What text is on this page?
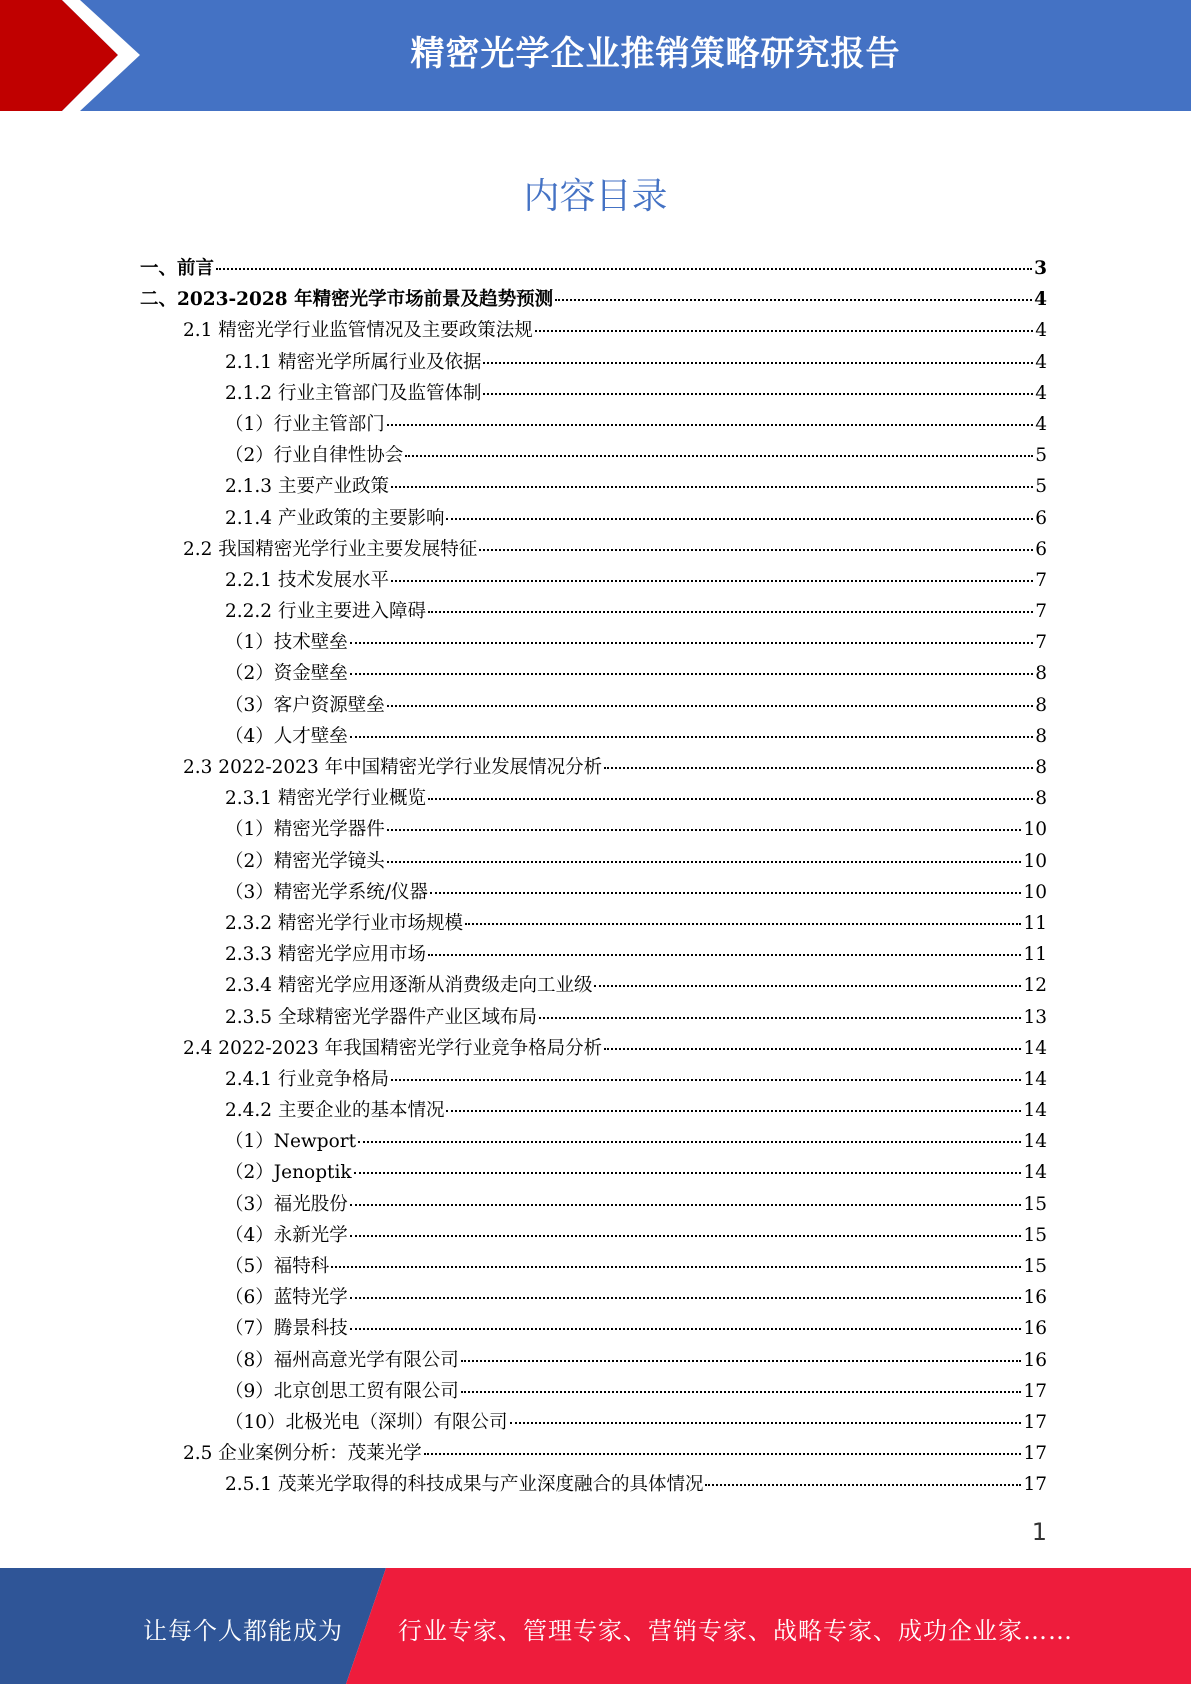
精密光学企业推销策略研究报告
内容目录
一、前言	3
二、2023-2028 年精密光学市场前景及趋势预测	4
2.1 精密光学行业监管情况及主要政策法规	4
2.1.1 精密光学所属行业及依据	4
2.1.2 行业主管部门及监管体制	4
（1）行业主管部门	4
（2）行业自律性协会	5
2.1.3 主要产业政策	5
2.1.4 产业政策的主要影响	6
2.2 我国精密光学行业主要发展特征	6
2.2.1 技术发展水平	7
2.2.2 行业主要进入障碍	7
（1）技术壁垒	7
（2）资金壁垒	8
（3）客户资源壁垒	8
（4）人才壁垒	8
2.3 2022-2023 年中国精密光学行业发展情况分析	8
2.3.1 精密光学行业概览	8
（1）精密光学器件	10
（2）精密光学镜头	10
（3）精密光学系统/仪器	10
2.3.2 精密光学行业市场规模	11
2.3.3 精密光学应用市场	11
2.3.4 精密光学应用逐渐从消费级走向工业级	12
2.3.5 全球精密光学器件产业区域布局	13
2.4 2022-2023 年我国精密光学行业竞争格局分析	14
2.4.1 行业竞争格局	14
2.4.2 主要企业的基本情况	14
（1）Newport	14
（2）Jenoptik	14
（3）福光股份	15
（4）永新光学	15
（5）福特科	15
（6）蓝特光学	16
（7）腾景科技	16
（8）福州高意光学有限公司	16
（9）北京创思工贸有限公司	17
（10）北极光电（深圳）有限公司	17
2.5 企业案例分析：茂莱光学	17
2.5.1 茂莱光学取得的科技成果与产业深度融合的具体情况	17
1
让每个人都能成为 行业专家、管理专家、营销专家、战略专家、成功企业家……
